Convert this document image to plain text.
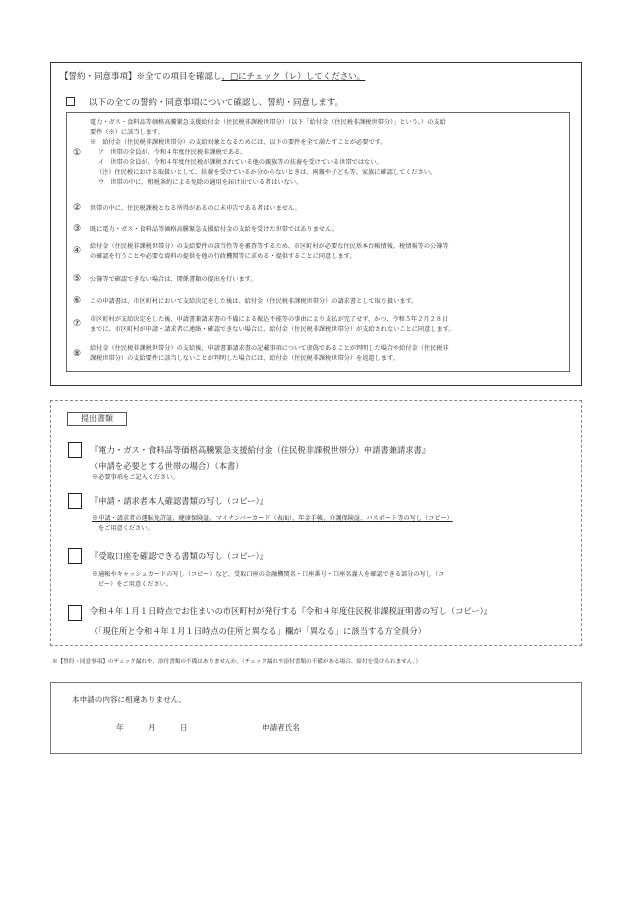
【誓約・同意事項】※全ての項目を確認し、□にチェック（レ）してください。
以下の全ての誓約・同意事項について確認し、誓約・同意します。
①
電力・ガス・食料品等価格高騰緊急支援給付金（住民税非課税世帯分）（以下「給付金（住民税非課税世帯分）」という。）の支給
要件（※）に該当します。
※　給付金（住民税非課税世帯分）の支給対象となるためには、以下の要件を全て満たすことが必要です。
ア　世帯の全員が、令和４年度住民税非課税である。
イ　世帯の全員が、令和４年度住民税が課税されている他の親族等の扶養を受けている世帯ではない。
（注）住民税における取扱いとして、扶養を受けているか分からないときは、両親や子ども等、家族に確認してください。
ウ　世帯の中に、租税条約による免除の適用を届け出ている者はいない。
②	世帯の中に、住民税課税となる所得があるのに未申告である者はいません。
③	既に電力・ガス・食料品等価格高騰緊急支援給付金の支給を受けた世帯ではありません。
④	給付金（住民税非課税世帯分）の支給要件の該当性等を審査等するため、市区町村が必要な住民基本台帳情報、税情報等の公簿等
の確認を行うことや必要な資料の提供を他の行政機関等に求める・提供することに同意します。
⑤	公簿等で確認できない場合は、関係書類の提出を行います。
⑥	この申請書は、市区町村において支給決定をした後は、給付金（住民税非課税世帯分）の請求書として取り扱います。
⑦	市区町村が支給決定をした後、申請書兼請求書の不備による振込不能等の事由により支払が完了せず、かつ、令和５年２月２８日
までに、市区町村が申請・請求者に連絡・確認できない場合に、給付金（住民税非課税世帯分）が支給されないことに同意します。
⑧
給付金（住民税非課税世帯分）の支給後、申請書兼請求書の記載事項について虚偽であることが判明した場合や給付金（住民税非
課税世帯分）の支給要件に該当しないことが判明した場合には、給付金（住民税非課税世帯分）を返還します。
提出書類
『電力・ガス・食料品等価格高騰緊急支援給付金（住民税非課税世帯分）申請書兼請求書』
（申請を必要とする世帯の場合）（本書）
※必要事項をご記入ください。
『申請・請求者本人確認書類の写し（コピー）』
※申請・請求者の運転免許証、健康保険証、マイナンバーカード（表面）、年金手帳、介護保険証、パスポート等の写し（コピー）
をご用意ください。
『受取口座を確認できる書類の写し（コピー）』
※通帳やキャッシュカードの写し（コピー）など、受取口座の金融機関名・口座番号・口座名義人を確認できる部分の写し（コ
ピー）をご用意ください。
令和４年１月１日時点でお住まいの市区町村が発行する『令和４年度住民税非課税証明書の写し（コピー）』
（「現住所と令和４年１月１日時点の住所と異なる」欄が「異なる」に該当する方全員分）
※【誓約・同意事項】のチェック漏れや、添付書類の不備はありませんか。（チェック漏れや添付書類の不備がある場合、給付を受けられません。）
本申請の内容に相違ありません。
年	月	日	申請者氏名
